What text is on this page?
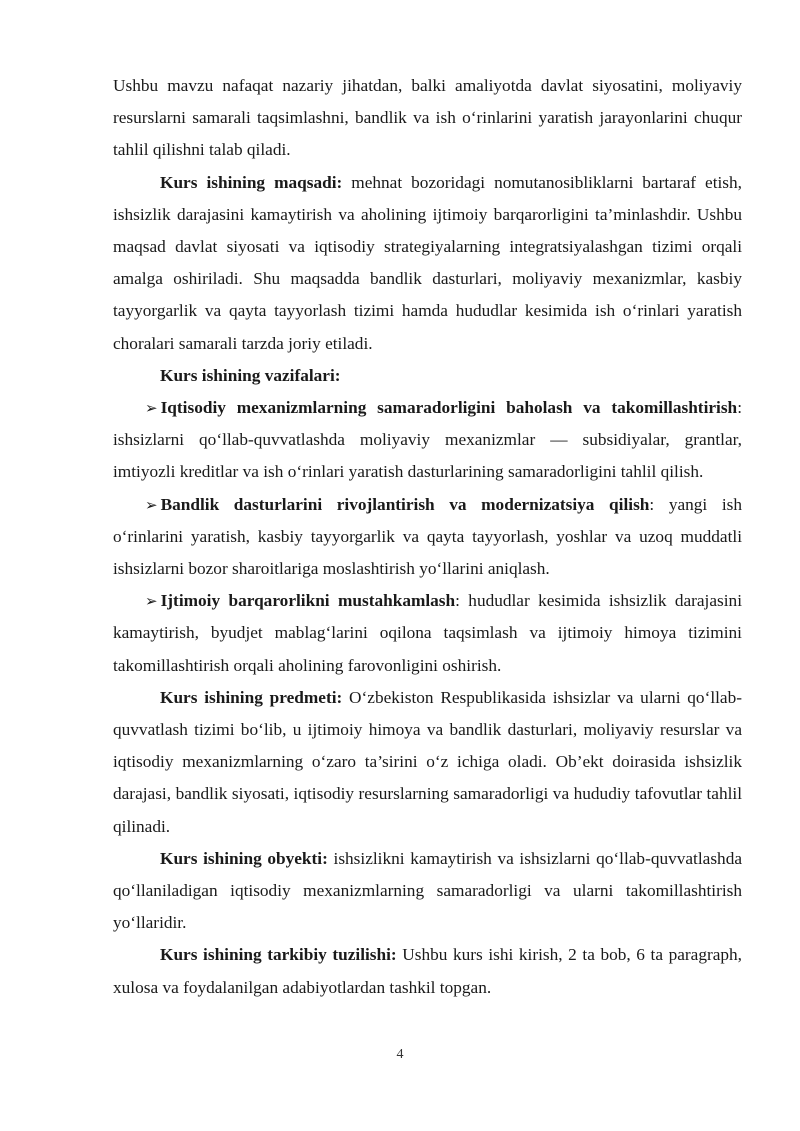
Ushbu mavzu nafaqat nazariy jihatdan, balki amaliyotda davlat siyosatini, moliyaviy resurslarni samarali taqsimlashni, bandlik va ish o‘rinlarini yaratish jarayonlarini chuqur tahlil qilishni talab qiladi.

Kurs ishining maqsadi: mehnat bozoridagi nomutanosibliklarni bartaraf etish, ishsizlik darajasini kamaytirish va aholining ijtimoiy barqarorligini ta’minlashdir. Ushbu maqsad davlat siyosati va iqtisodiy strategiyalarning integratsiyalashgan tizimi orqali amalga oshiriladi. Shu maqsadda bandlik dasturlari, moliyaviy mexanizmlar, kasbiy tayyorgarlik va qayta tayyorlash tizimi hamda hududlar kesimida ish o‘rinlari yaratish choralari samarali tarzda joriy etiladi.

Kurs ishining vazifalari:

➢ Iqtisodiy mexanizmlarning samaradorligini baholash va takomillashtirish: ishsizlarni qo‘llab-quvvatlashda moliyaviy mexanizmlar — subsidiyalar, grantlar, imtiyozli kreditlar va ish o‘rinlari yaratish dasturlarining samaradorligini tahlil qilish.

➢ Bandlik dasturlarini rivojlantirish va modernizatsiya qilish: yangi ish o‘rinlarini yaratish, kasbiy tayyorgarlik va qayta tayyorlash, yoshlar va uzoq muddatli ishsizlarni bozor sharoitlariga moslashtirish yo‘llarini aniqlash.

➢ Ijtimoiy barqarorlikni mustahkamlash: hududlar kesimida ishsizlik darajasini kamaytirish, byudjet mablag‘larini oqilona taqsimlash va ijtimoiy himoya tizimini takomillashtirish orqali aholining farovonligini oshirish.

Kurs ishining predmeti: O‘zbekiston Respublikasida ishsizlar va ularni qo‘llab-quvvatlash tizimi bo‘lib, u ijtimoiy himoya va bandlik dasturlari, moliyaviy resurslar va iqtisodiy mexanizmlarning o‘zaro ta’sirini o‘z ichiga oladi. Ob’ekt doirasida ishsizlik darajasi, bandlik siyosati, iqtisodiy resurslarning samaradorligi va hududiy tafovutlar tahlil qilinadi.

Kurs ishining obyekti: ishsizlikni kamaytirish va ishsizlarni qo‘llab-quvvatlashda qo‘llaniladigan iqtisodiy mexanizmlarning samaradorligi va ularni takomillashtirish yo‘llaridir.

Kurs ishining tarkibiy tuzilishi: Ushbu kurs ishi kirish, 2 ta bob, 6 ta paragraph, xulosa va foydalanilgan adabiyotlardan tashkil topgan.

4
